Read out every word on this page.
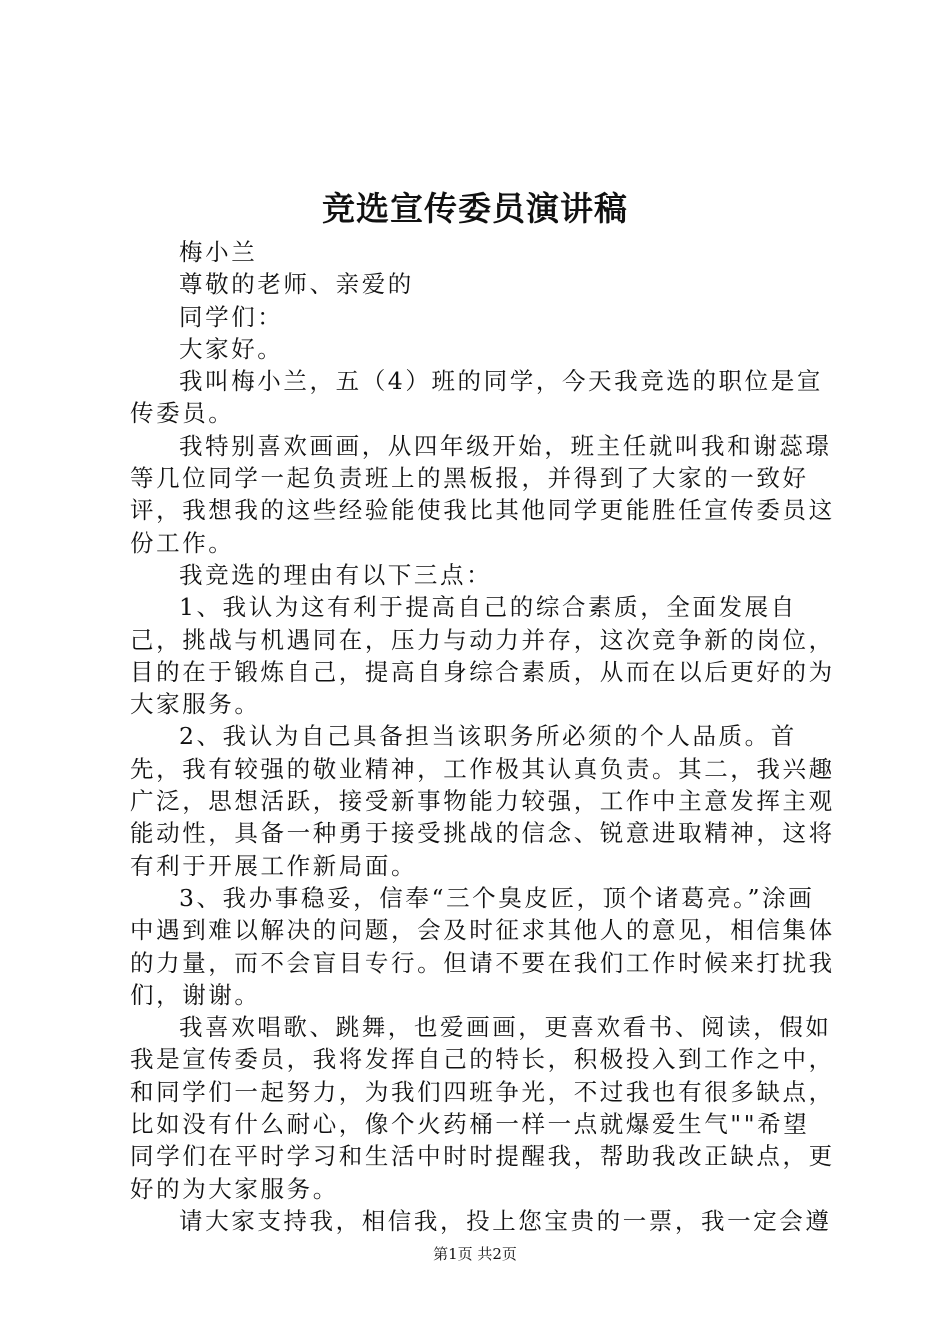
竞选宣传委员演讲稿

梅小兰

尊敬的老师、亲爱的

同学们：

大家好。

我叫梅小兰，五（4）班的同学，今天我竞选的职位是宣传委员。

我特别喜欢画画，从四年级开始，班主任就叫我和谢蕊璟等几位同学一起负责班上的黑板报，并得到了大家的一致好评，我想我的这些经验能使我比其他同学更能胜任宣传委员这份工作。

我竞选的理由有以下三点：

1、我认为这有利于提高自己的综合素质，全面发展自己，挑战与机遇同在，压力与动力并存，这次竞争新的岗位，目的在于锻炼自己，提高自身综合素质，从而在以后更好的为大家服务。

2、我认为自己具备担当该职务所必须的个人品质。首先，我有较强的敬业精神，工作极其认真负责。其二，我兴趣广泛，思想活跃，接受新事物能力较强，工作中主意发挥主观能动性，具备一种勇于接受挑战的信念、锐意进取精神，这将有利于开展工作新局面。

3、我办事稳妥，信奉“三个臭皮匠，顶个诸葛亮。”涂画中遇到难以解决的问题，会及时征求其他人的意见，相信集体的力量，而不会盲目专行。但请不要在我们工作时候来打扰我们，谢谢。

我喜欢唱歌、跳舞，也爱画画，更喜欢看书、阅读，假如我是宣传委员，我将发挥自己的特长，积极投入到工作之中，和同学们一起努力，为我们四班争光，不过我也有很多缺点，比如没有什么耐心，像个火药桶一样一点就爆爱生气""希望同学们在平时学习和生活中时时提醒我，帮助我改正缺点，更好的为大家服务。

请大家支持我，相信我，投上您宝贵的一票，我一定会遵

第1页 共2页
